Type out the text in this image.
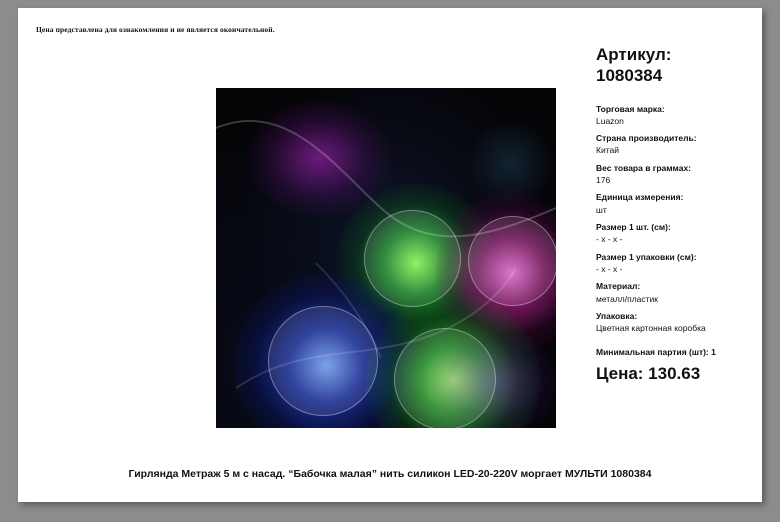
Цена представлена для ознакомления и не является окончательной.
Артикул:
1080384
Торговая марка:
Luazon
Страна производитель:
Китай
Вес товара в граммах:
176
Единица измерения:
шт
Размер 1 шт. (см):
- х - х -
Размер 1 упаковки (см):
- х - х -
Материал:
металл/пластик
Упаковка:
Цветная картонная коробка
Минимальная партия (шт): 1
Цена: 130.63
Гирлянда Метраж 5 м с насад. “Бабочка малая” нить силикон LED-20-220V моргает МУЛЬТИ 1080384
